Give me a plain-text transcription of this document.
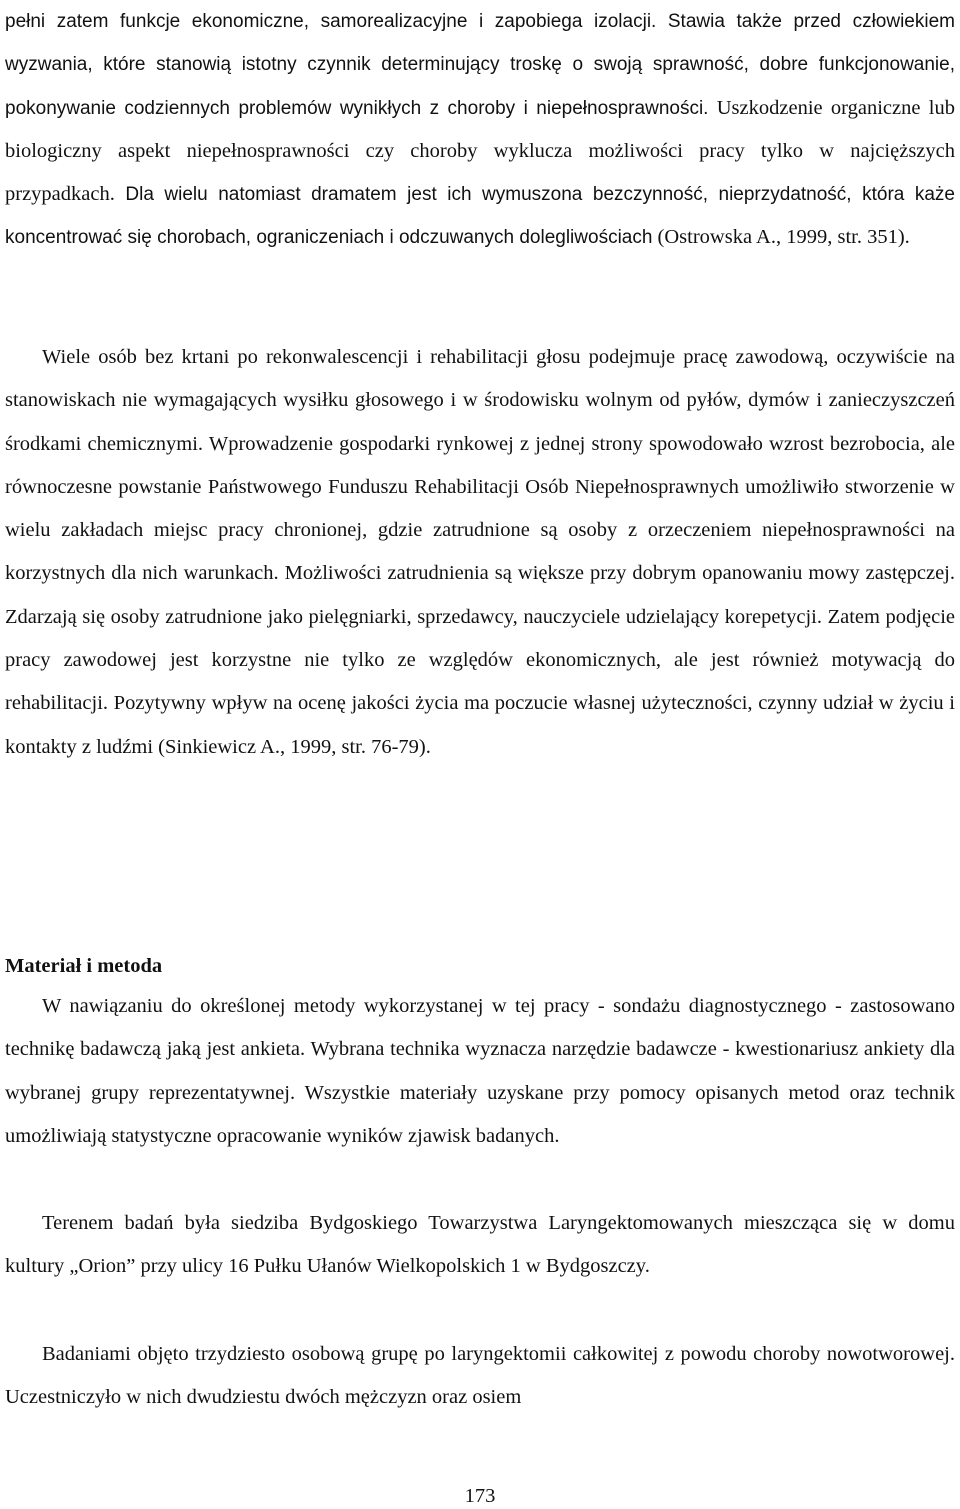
pełni zatem funkcje ekonomiczne, samorealizacyjne i zapobiega izolacji. Stawia także przed człowiekiem wyzwania, które stanowią istotny czynnik determinujący troskę o swoją sprawność, dobre funkcjonowanie, pokonywanie codziennych problemów wynikłych z choroby i niepełnosprawności. Uszkodzenie organiczne lub biologiczny aspekt niepełnosprawności czy choroby wyklucza możliwości pracy tylko w najcięższych przypadkach. Dla wielu natomiast dramatem jest ich wymuszona bezczynność, nieprzydatność, która każe koncentrować się chorobach, ograniczeniach i odczuwanych dolegliwościach (Ostrowska A., 1999, str. 351).

Wiele osób bez krtani po rekonwalescencji i rehabilitacji głosu podejmuje pracę zawodową, oczywiście na stanowiskach nie wymagających wysiłku głosowego i w środowisku wolnym od pyłów, dymów i zanieczyszczeń środkami chemicznymi. Wprowadzenie gospodarki rynkowej z jednej strony spowodowało wzrost bezrobocia, ale równoczesne powstanie Państwowego Funduszu Rehabilitacji Osób Niepełnosprawnych umożliwiło stworzenie w wielu zakładach miejsc pracy chronionej, gdzie zatrudnione są osoby z orzeczeniem niepełnosprawności na korzystnych dla nich warunkach. Możliwości zatrudnienia są większe przy dobrym opanowaniu mowy zastępczej. Zdarzają się osoby zatrudnione jako pielęgniarki, sprzedawcy, nauczyciele udzielający korepetycji. Zatem podjęcie pracy zawodowej jest korzystne nie tylko ze względów ekonomicznych, ale jest również motywacją do rehabilitacji. Pozytywny wpływ na ocenę jakości życia ma poczucie własnej użyteczności, czynny udział w życiu i kontakty z ludźmi (Sinkiewicz A., 1999, str. 76-79).

Materiał i metoda

W nawiązaniu do określonej metody wykorzystanej w tej pracy - sondażu diagnostycznego - zastosowano technikę badawczą jaką jest ankieta. Wybrana technika wyznacza narzędzie badawcze - kwestionariusz ankiety dla wybranej grupy reprezentatywnej. Wszystkie materiały uzyskane przy pomocy opisanych metod oraz technik umożliwiają statystyczne opracowanie wyników zjawisk badanych.

Terenem badań była siedziba Bydgoskiego Towarzystwa Laryngektomowanych mieszcząca się w domu kultury „Orion” przy ulicy 16 Pułku Ułanów Wielkopolskich 1 w Bydgoszczy.

Badaniami objęto trzydziesto osobową grupę po laryngektomii całkowitej z powodu choroby nowotworowej. Uczestniczyło w nich dwudziestu dwóch mężczyzn oraz osiem

173
